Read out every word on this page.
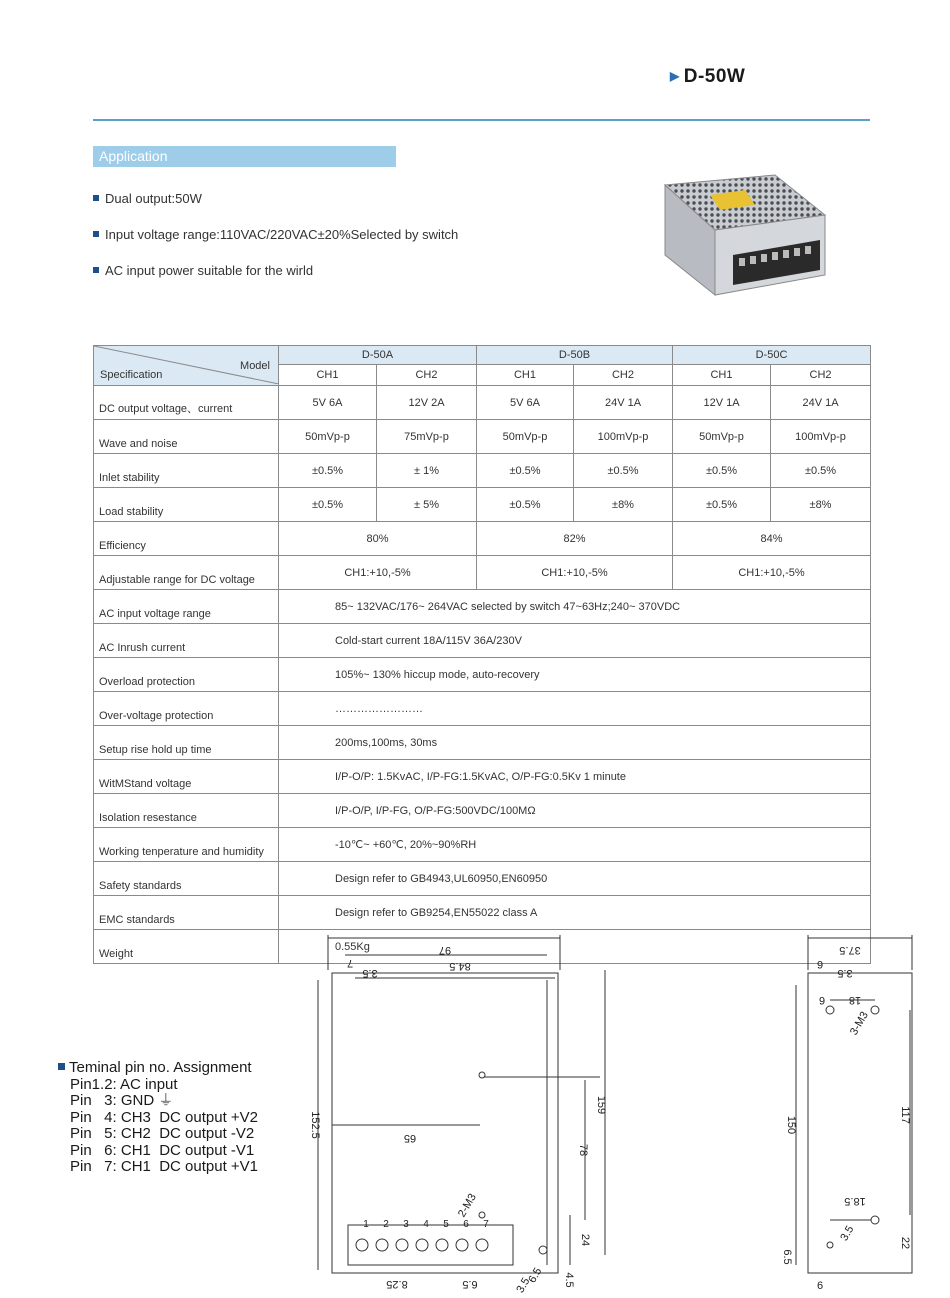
▶ D-50W
Application
Dual output:50W
Input voltage range:110VAC/220VAC±20%Selected by switch
AC input power suitable for the wirld
Model
Specification	D-50A		D-50B		D-50C	
	CH1	CH2	CH1	CH2	CH1	CH2
DC output voltage、current	5V 6A	12V 2A	5V 6A	24V 1A	12V 1A	24V 1A
Wave and noise	50mVp-p	75mVp-p	50mVp-p	100mVp-p	50mVp-p	100mVp-p
Inlet stability	±0.5%	± 1%	±0.5%	±0.5%	±0.5%	±0.5%
Load stability	±0.5%	± 5%	±0.5%	±8%	±0.5%	±8%
Efficiency	80%		82%		84%	
Adjustable range for DC voltage	CH1:+10,-5%		CH1:+10,-5%		CH1:+10,-5%	
AC input voltage range	85~ 132VAC/176~ 264VAC selected by switch 47~63Hz;240~ 370VDC					
AC Inrush current	Cold-start current 18A/115V 36A/230V					
Overload protection	105%~ 130% hiccup mode, auto-recovery					
Over-voltage protection	……………………					
Setup rise hold up time	200ms,100ms, 30ms					
WitMStand voltage	I/P-O/P: 1.5KvAC, I/P-FG:1.5KvAC, O/P-FG:0.5Kv 1 minute					
Isolation resestance	I/P-O/P, I/P-FG, O/P-FG:500VDC/100MΩ					
Working tenperature and humidity	-10℃~ +60℃, 20%~90%RH					
Safety standards	Design refer to GB4943,UL60950,EN60950					
EMC standards	Design refer to GB9254,EN55022 class A					
Weight	0.55Kg						97
84.5
7
3.5
152.5
159
65
78
2-M3
24
6.5 4.5
3.5
8.25	6.5
1 2 3 4 5 6 7
37.5
6
3.5
6 18
3-M3
150
117
18.5
3.5
6.5
22
6
Teminal pin no. Assignment
Pin1.2: AC input
Pin   3: GND ⏚
Pin   4: CH3  DC output +V2
Pin   5: CH2  DC output -V2
Pin   6: CH1  DC output -V1
Pin   7: CH1  DC output +V1
